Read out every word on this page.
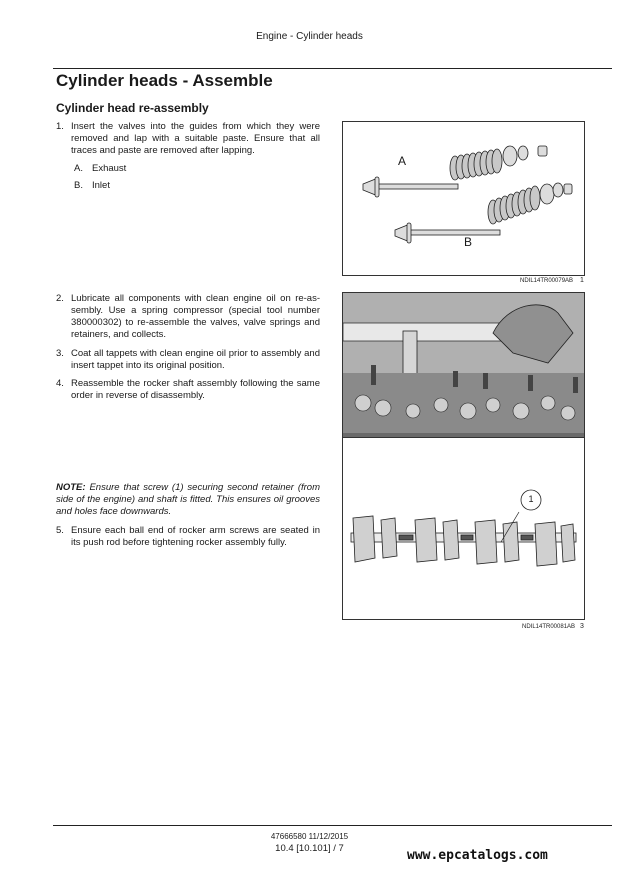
Engine - Cylinder heads
Cylinder heads - Assemble
Cylinder head re-assembly
1. Insert the valves into the guides from which they were removed and lap with a suitable paste. Ensure that all traces and paste are removed after lapping.
A. Exhaust
B. Inlet
2. Lubricate all components with clean engine oil on re-as-sembly. Use a spring compressor (special tool number 380000302) to re-assemble the valves, valve springs and retainers, and collects.
3. Coat all tappets with clean engine oil prior to assembly and insert tappet into its original position.
4. Reassemble the rocker shaft assembly following the same order in reverse of disassembly.
NOTE: Ensure that screw (1) securing second retainer (from side of the engine) and shaft is fitted. This ensures oil grooves and holes face downwards.
5. Ensure each ball end of rocker arm screws are seated in its push rod before tightening rocker assembly fully.
A
B
NDIL14TR00079AB 1
1
NDIL14TR00081AB 3
47666580 11/12/2015
10.4 [10.101] / 7	www.epcatalogs.com
